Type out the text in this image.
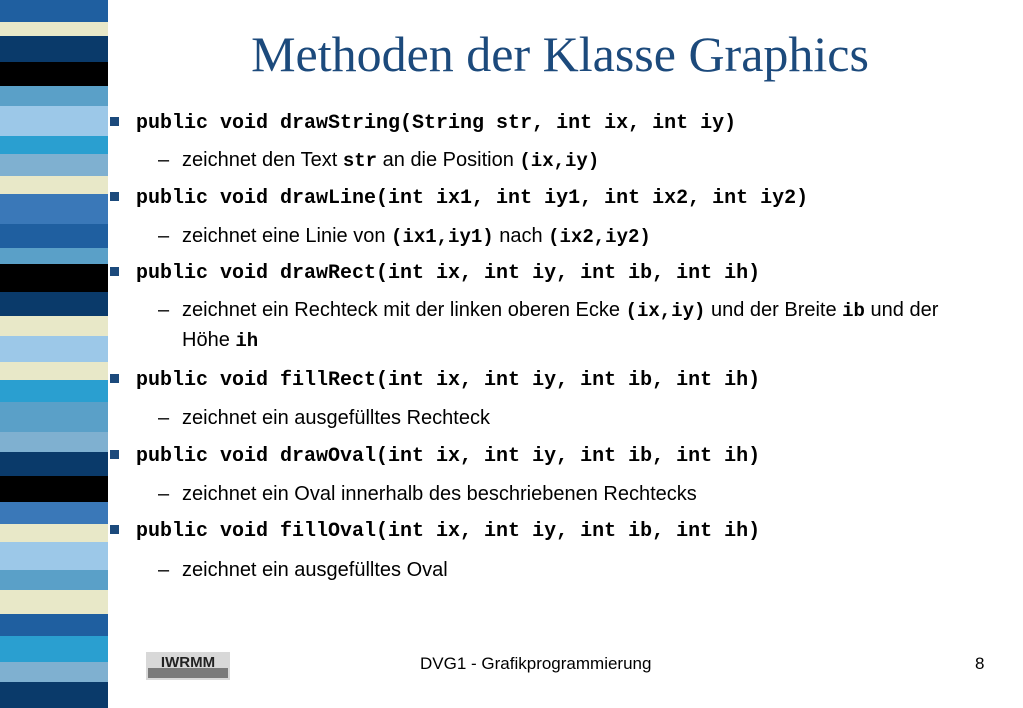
Methoden der Klasse Graphics
public void drawString(String str, int ix, int iy)
– zeichnet den Text str an die Position (ix,iy)
public void drawLine(int ix1, int iy1, int ix2, int iy2)
– zeichnet eine Linie von (ix1,iy1) nach (ix2,iy2)
public void drawRect(int ix, int iy, int ib, int ih)
– zeichnet ein Rechteck mit der linken oberen Ecke (ix,iy) und der Breite ib und der Höhe ih
public void fillRect(int ix, int iy, int ib, int ih)
– zeichnet ein ausgefülltes Rechteck
public void drawOval(int ix, int iy, int ib, int ih)
– zeichnet ein Oval innerhalb des beschriebenen Rechtecks
public void fillOval(int ix, int iy, int ib, int ih)
– zeichnet ein ausgefülltes Oval
IWRMM	DVG1 - Grafikprogrammierung	8
